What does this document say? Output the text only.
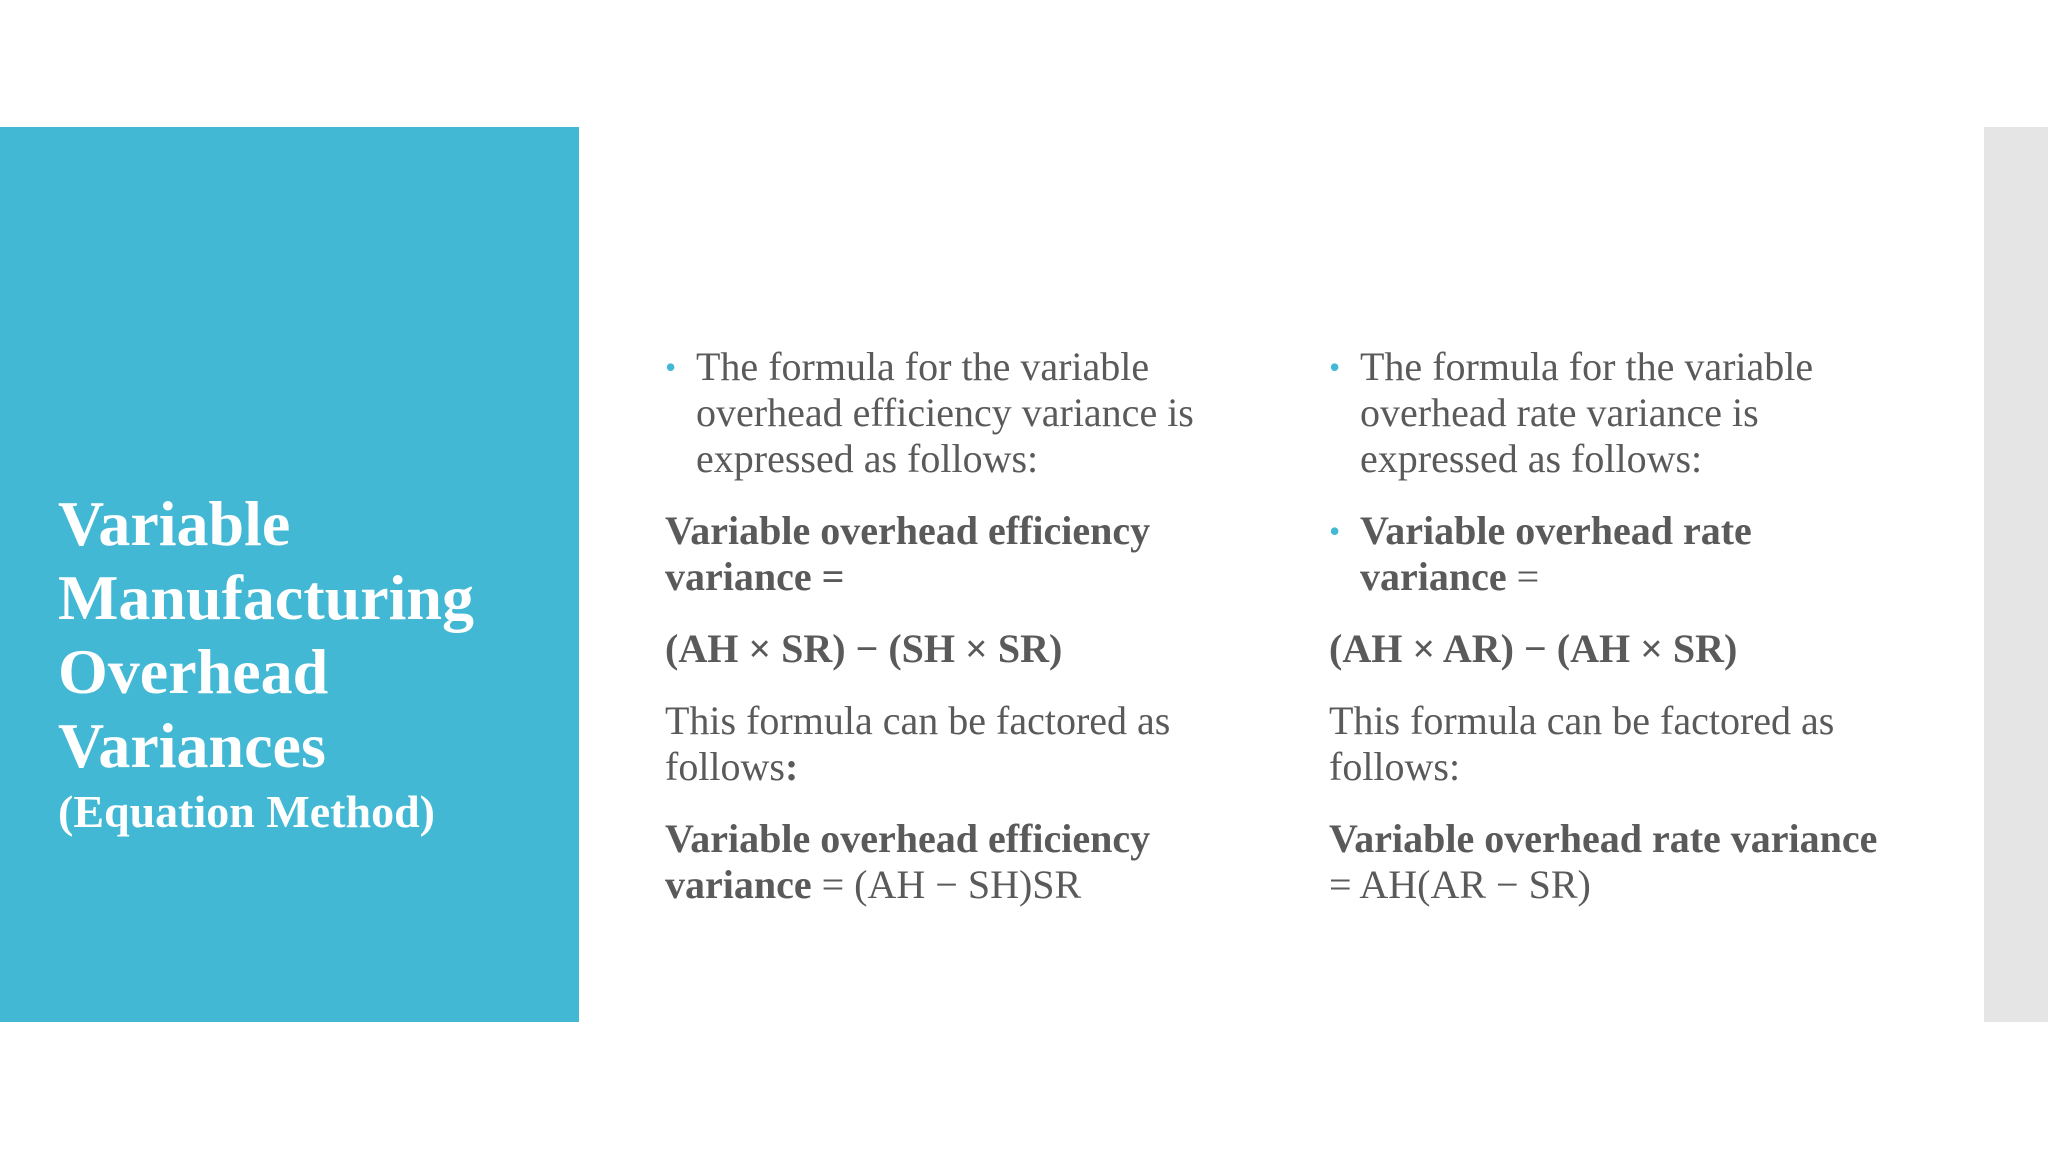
Variable Manufacturing Overhead Variances
(Equation Method)

• The formula for the variable overhead efficiency variance is expressed as follows:

Variable overhead efficiency variance =

(AH × SR) − (SH × SR)

This formula can be factored as follows:

Variable overhead efficiency variance = (AH − SH)SR

• The formula for the variable overhead rate variance is expressed as follows:

• Variable overhead rate variance =

(AH × AR) − (AH × SR)

This formula can be factored as follows:

Variable overhead rate variance = AH(AR − SR)
